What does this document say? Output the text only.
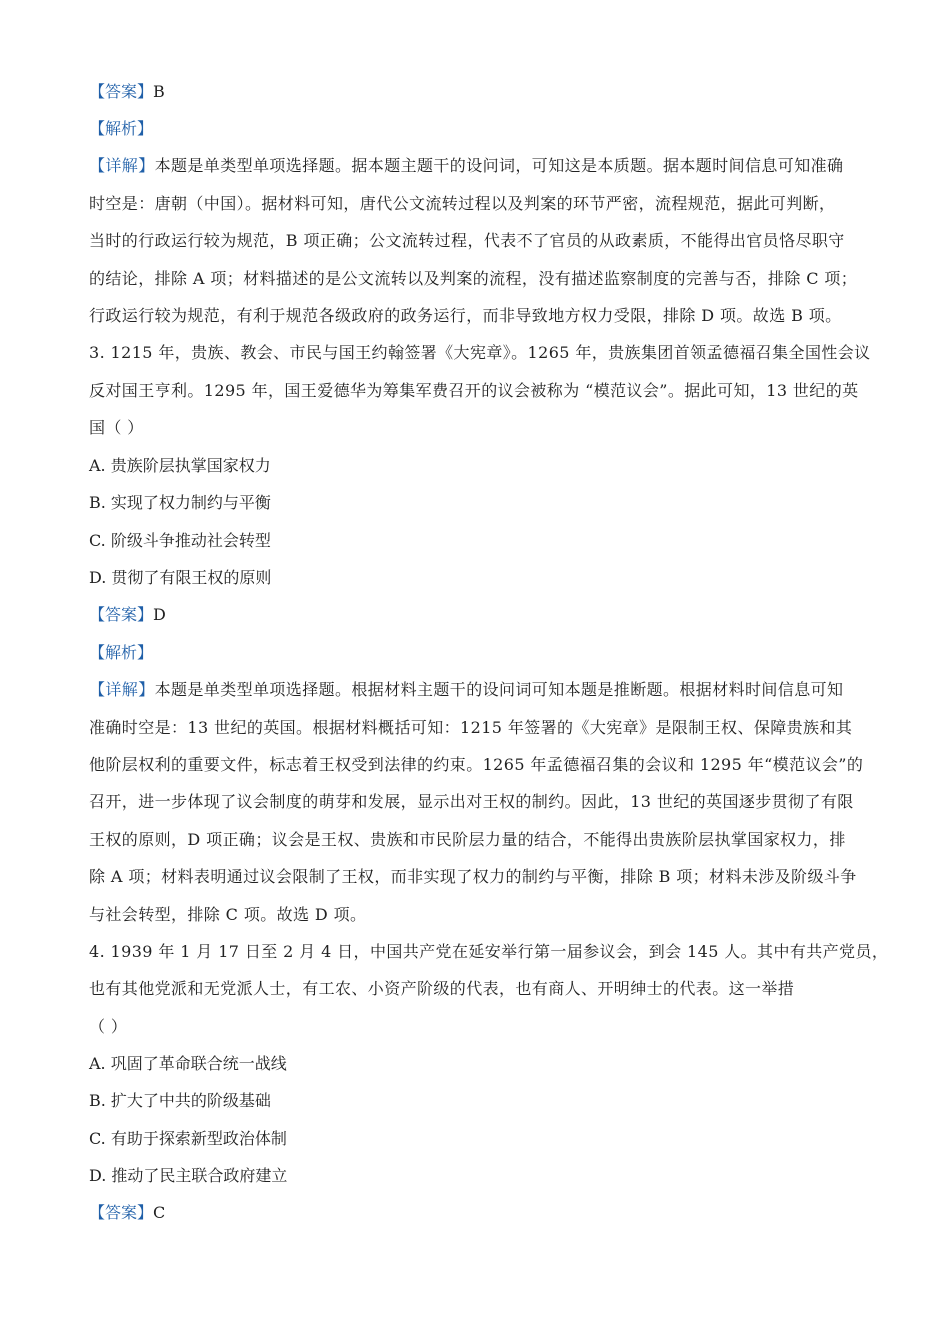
【答案】B
【解析】
【详解】本题是单类型单项选择题。据本题主题干的设问词，可知这是本质题。据本题时间信息可知准确
时空是：唐朝（中国）。据材料可知，唐代公文流转过程以及判案的环节严密，流程规范，据此可判断，
当时的行政运行较为规范，B 项正确；公文流转过程，代表不了官员的从政素质，不能得出官员恪尽职守
的结论，排除 A 项；材料描述的是公文流转以及判案的流程，没有描述监察制度的完善与否，排除 C 项；
行政运行较为规范，有利于规范各级政府的政务运行，而非导致地方权力受限，排除 D 项。故选 B 项。
3. 1215 年，贵族、教会、市民与国王约翰签署《大宪章》。1265 年，贵族集团首领孟德福召集全国性会议
反对国王亨利。1295 年，国王爱德华为筹集军费召开的议会被称为 “模范议会”。据此可知，13 世纪的英
国（ ）
A. 贵族阶层执掌国家权力
B. 实现了权力制约与平衡
C. 阶级斗争推动社会转型
D. 贯彻了有限王权的原则
【答案】D
【解析】
【详解】本题是单类型单项选择题。根据材料主题干的设问词可知本题是推断题。根据材料时间信息可知
准确时空是：13 世纪的英国。根据材料概括可知：1215 年签署的《大宪章》是限制王权、保障贵族和其
他阶层权利的重要文件，标志着王权受到法律的约束。1265 年孟德福召集的会议和 1295 年“模范议会”的
召开，进一步体现了议会制度的萌芽和发展，显示出对王权的制约。因此，13 世纪的英国逐步贯彻了有限
王权的原则，D 项正确；议会是王权、贵族和市民阶层力量的结合，不能得出贵族阶层执掌国家权力，排
除 A 项；材料表明通过议会限制了王权，而非实现了权力的制约与平衡，排除 B 项；材料未涉及阶级斗争
与社会转型，排除 C 项。故选 D 项。
4. 1939 年 1 月 17 日至 2 月 4 日，中国共产党在延安举行第一届参议会，到会 145 人。其中有共产党员，
也有其他党派和无党派人士，有工农、小资产阶级的代表，也有商人、开明绅士的代表。这一举措
（ ）
A. 巩固了革命联合统一战线
B. 扩大了中共的阶级基础
C. 有助于探索新型政治体制
D. 推动了民主联合政府建立
【答案】C
